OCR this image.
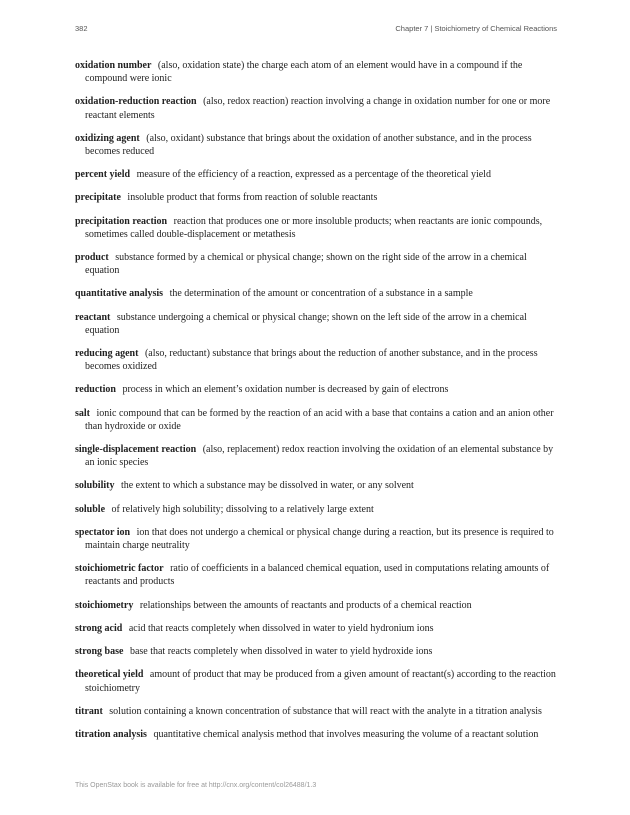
382	Chapter 7 | Stoichiometry of Chemical Reactions

oxidation number (also, oxidation state) the charge each atom of an element would have in a compound if the compound were ionic

oxidation-reduction reaction (also, redox reaction) reaction involving a change in oxidation number for one or more reactant elements

oxidizing agent (also, oxidant) substance that brings about the oxidation of another substance, and in the process becomes reduced

percent yield measure of the efficiency of a reaction, expressed as a percentage of the theoretical yield

precipitate insoluble product that forms from reaction of soluble reactants

precipitation reaction reaction that produces one or more insoluble products; when reactants are ionic compounds, sometimes called double-displacement or metathesis

product substance formed by a chemical or physical change; shown on the right side of the arrow in a chemical equation

quantitative analysis the determination of the amount or concentration of a substance in a sample

reactant substance undergoing a chemical or physical change; shown on the left side of the arrow in a chemical equation

reducing agent (also, reductant) substance that brings about the reduction of another substance, and in the process becomes oxidized

reduction process in which an element’s oxidation number is decreased by gain of electrons

salt ionic compound that can be formed by the reaction of an acid with a base that contains a cation and an anion other than hydroxide or oxide

single-displacement reaction (also, replacement) redox reaction involving the oxidation of an elemental substance by an ionic species

solubility the extent to which a substance may be dissolved in water, or any solvent

soluble of relatively high solubility; dissolving to a relatively large extent

spectator ion ion that does not undergo a chemical or physical change during a reaction, but its presence is required to maintain charge neutrality

stoichiometric factor ratio of coefficients in a balanced chemical equation, used in computations relating amounts of reactants and products

stoichiometry relationships between the amounts of reactants and products of a chemical reaction

strong acid acid that reacts completely when dissolved in water to yield hydronium ions

strong base base that reacts completely when dissolved in water to yield hydroxide ions

theoretical yield amount of product that may be produced from a given amount of reactant(s) according to the reaction stoichiometry

titrant solution containing a known concentration of substance that will react with the analyte in a titration analysis

titration analysis quantitative chemical analysis method that involves measuring the volume of a reactant solution

This OpenStax book is available for free at http://cnx.org/content/col26488/1.3
